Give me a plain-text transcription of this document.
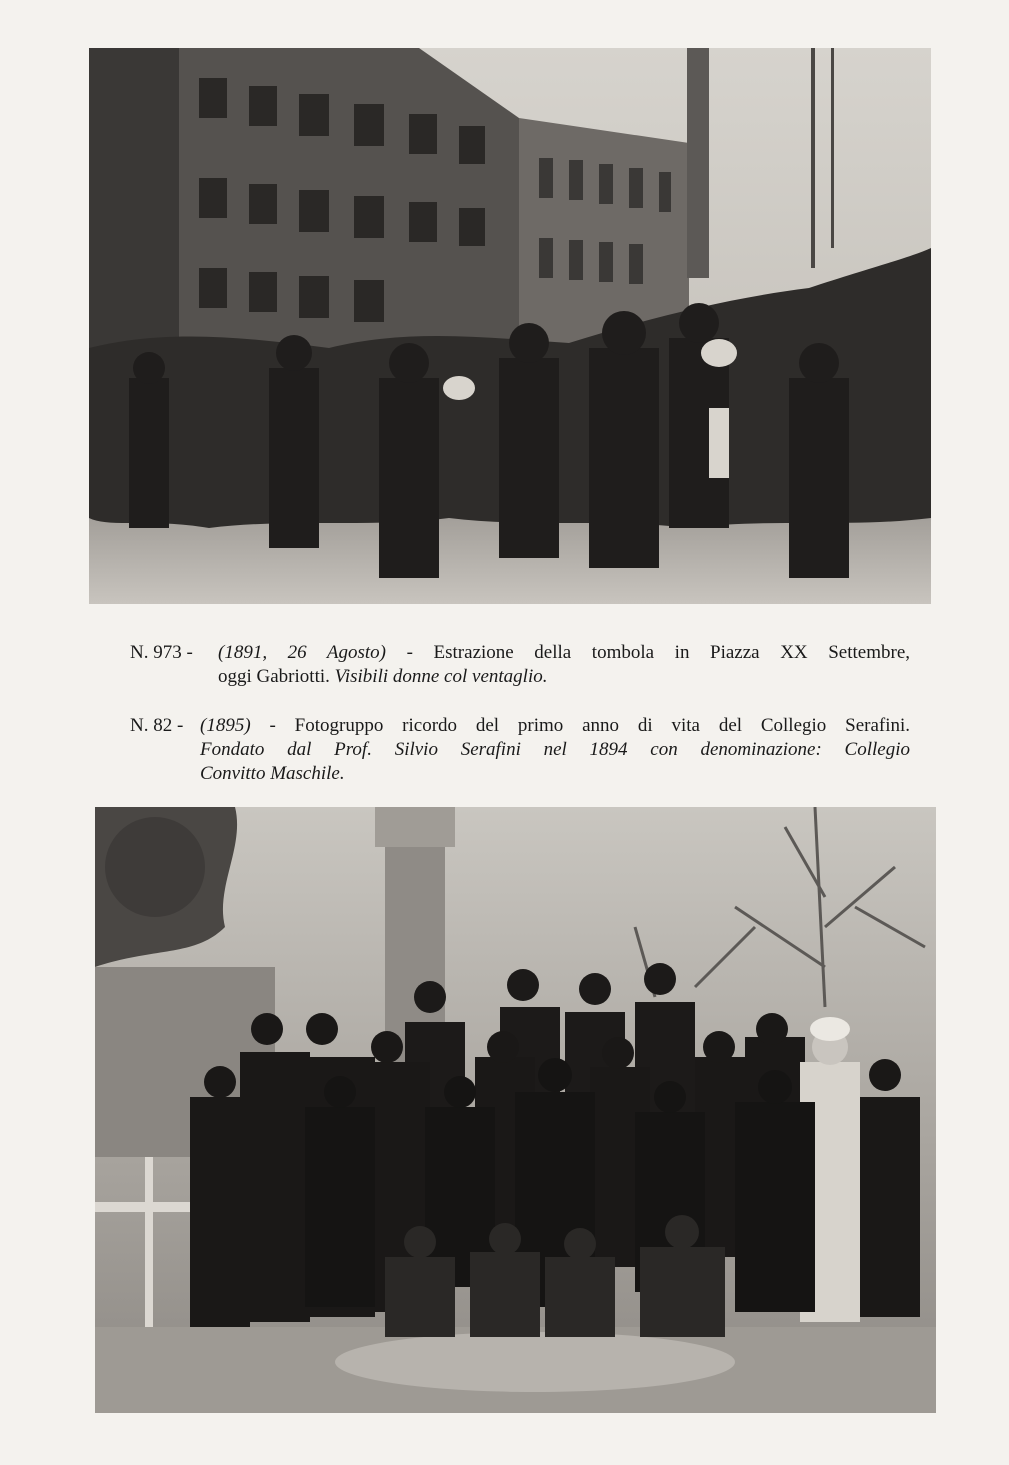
N. 973 - (1891, 26 Agosto) - Estrazione della tombola in Piazza XX Settembre,
oggi Gabriotti. Visibili donne col ventaglio.
N. 82 - (1895) - Fotogruppo ricordo del primo anno di vita del Collegio Serafini.
Fondato dal Prof. Silvio Serafini nel 1894 con denominazione: Collegio
Convitto Maschile.
